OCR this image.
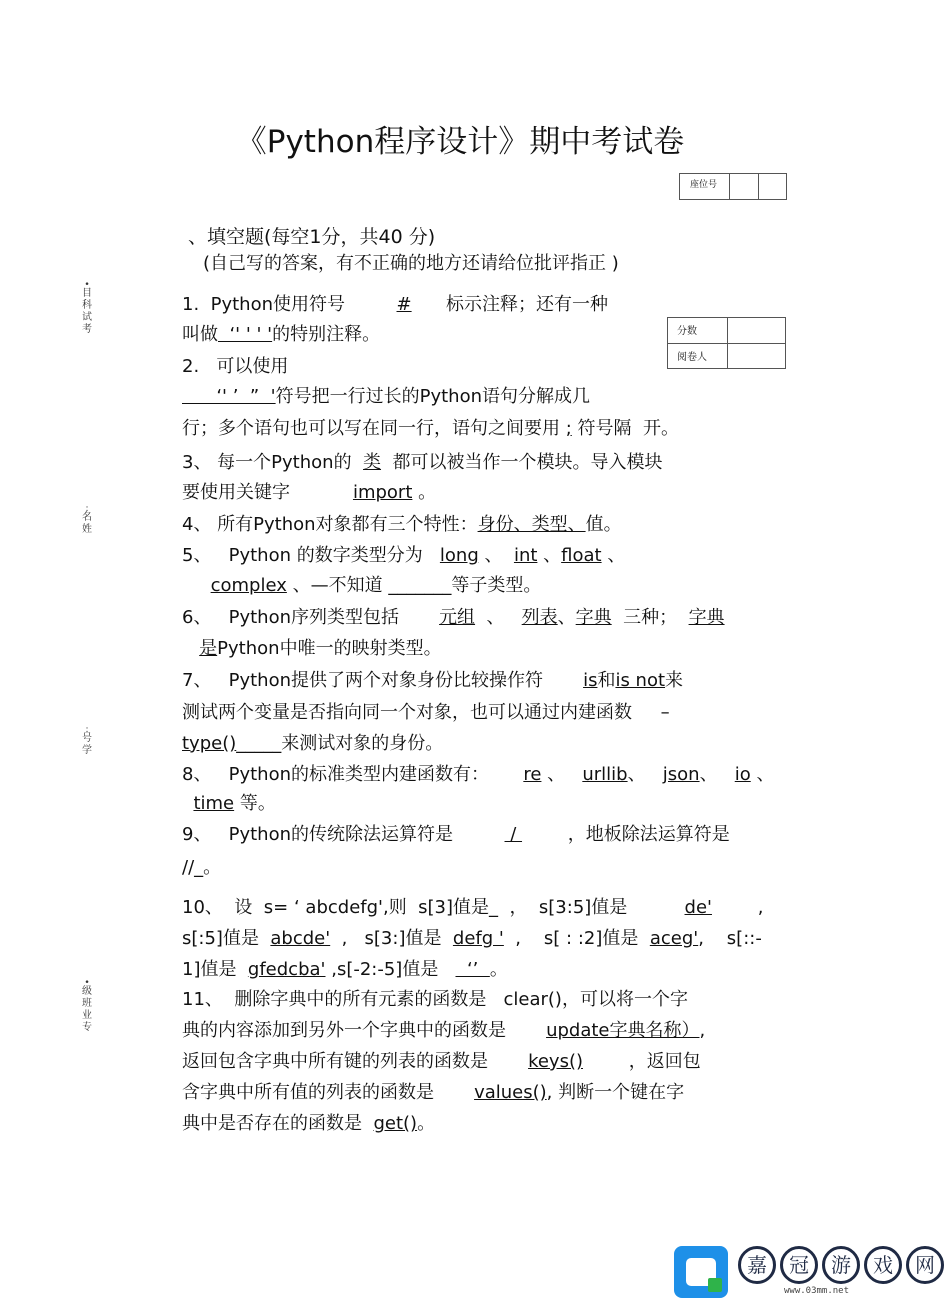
《Python程序设计》期中考试卷
座位号
分数
阅卷人
•
目
科
试
考
:
名
姓
:
号
学
•
级
班
业
专
、填空题(每空1分，共40 分)
(自己写的答案，有不正确的地方还请给位批评指正 )
1.  Python使用符号         #      标示注释；还有一种
叫做  ‘' ' ' '的特别注释。
2.   可以使用
‘' ’  ”  '符号把一行过长的Python语句分解成几
行；多个语句也可以写在同一行，语句之间要用 ; 符号隔  开。
3、 每一个Python的  类  都可以被当作一个模块。导入模块
要使用关键字           import 。
4、 所有Python对象都有三个特性：身份、类型、值。
5、   Python 的数字类型分为   long 、  int 、float 、
complex 、—不知道 _______等子类型。
6、   Python序列类型包括       元组  、   列表、字典  三种；  字典
是Python中唯一的映射类型。
7、   Python提供了两个对象身份比较操作符       is和is not来
测试两个变量是否指向同一个对象，也可以通过内建函数     –
type()_____来测试对象的身份。
8、   Python的标准类型内建函数有：      re 、   urllib、   json、   io 、
time 等。
9、   Python的传统除法运算符是          /         ，地板除法运算符是
//_。
10、  设  s= ‘ abcdefg',则  s[3]值是_  ，  s[3:5]值是          de'        ,
s[:5]值是  abcde'  ,   s[3:]值是  defg '  ,    s[ : :2]值是  aceg',    s[::-
1]值是  gfedcba' ,s[-2:-5]值是     ‘’  。
11、  删除字典中的所有元素的函数是   clear()，可以将一个字
典的内容添加到另外一个字典中的函数是       update字典名称）,
返回包含字典中所有键的列表的函数是       keys()        ，返回包
含字典中所有值的列表的函数是       values(), 判断一个键在字
典中是否存在的函数是  get()。
嘉	冠	游	戏	网
www.03mm.net
